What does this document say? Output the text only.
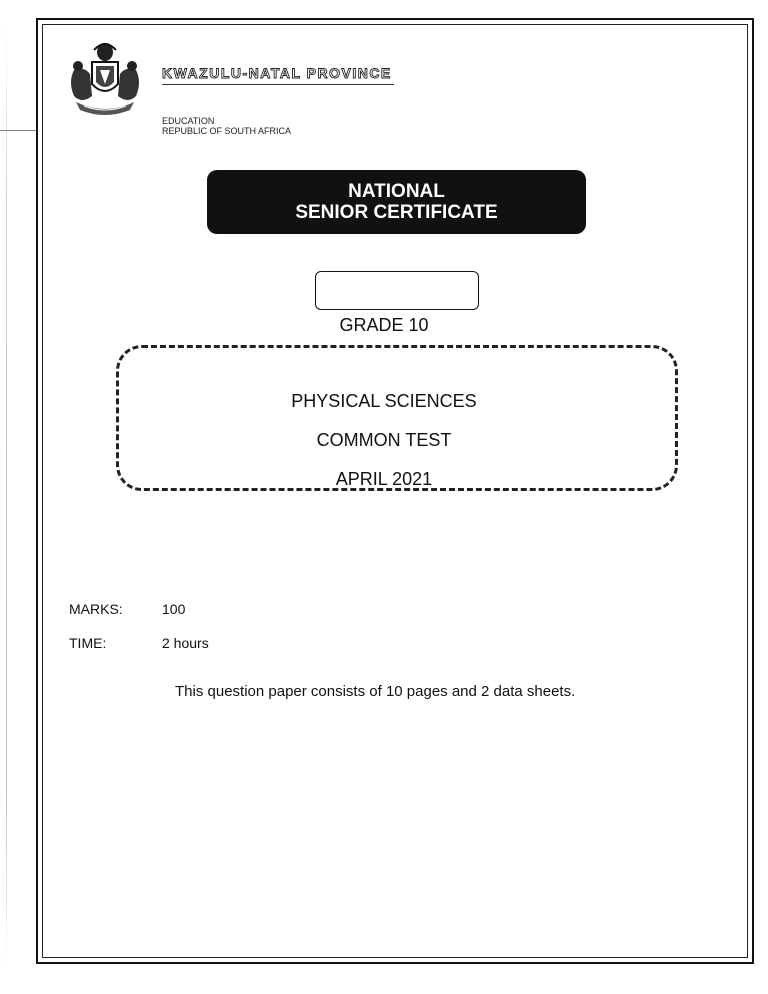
KWAZULU-NATAL PROVINCE
EDUCATION
REPUBLIC OF SOUTH AFRICA
NATIONAL
SENIOR CERTIFICATE
GRADE 10
PHYSICAL SCIENCES
COMMON TEST
APRIL 2021
MARKS:	100
TIME:	2 hours
This question paper consists of 10 pages and 2 data sheets.
